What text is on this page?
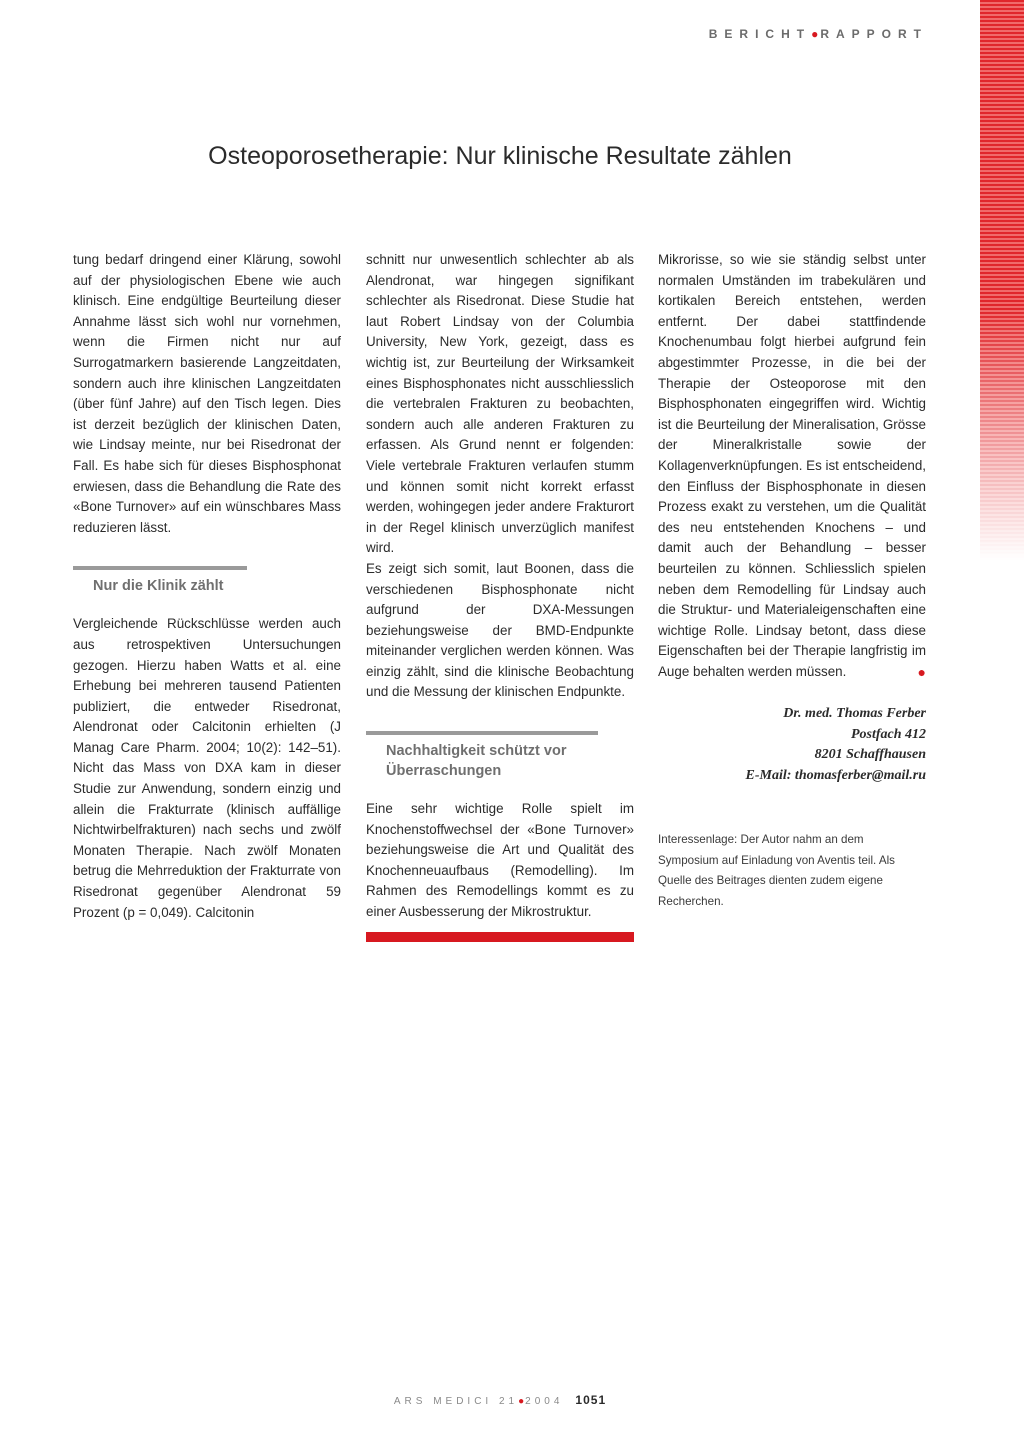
BERICHT●RAPPORT
Osteoporosetherapie: Nur klinische Resultate zählen

tung bedarf dringend einer Klärung, sowohl auf der physiologischen Ebene wie auch klinisch. Eine endgültige Beurteilung dieser Annahme lässt sich wohl nur vornehmen, wenn die Firmen nicht nur auf Surrogatmarkern basierende Langzeitdaten, sondern auch ihre klinischen Langzeitdaten (über fünf Jahre) auf den Tisch legen. Dies ist derzeit bezüglich der klinischen Daten, wie Lindsay meinte, nur bei Risedronat der Fall. Es habe sich für dieses Bisphosphonat erwiesen, dass die Behandlung die Rate des «Bone Turnover» auf ein wünschbares Mass reduzieren lässt.

Nur die Klinik zählt

Vergleichende Rückschlüsse werden auch aus retrospektiven Untersuchungen gezogen. Hierzu haben Watts et al. eine Erhebung bei mehreren tausend Patienten publiziert, die entweder Risedronat, Alendronat oder Calcitonin erhielten (J Manag Care Pharm. 2004; 10(2): 142–51). Nicht das Mass von DXA kam in dieser Studie zur Anwendung, sondern einzig und allein die Frakturrate (klinisch auffällige Nichtwirbelfrakturen) nach sechs und zwölf Monaten Therapie. Nach zwölf Monaten betrug die Mehrreduktion der Frakturrate von Risedronat gegenüber Alendronat 59 Prozent (p = 0,049). Calcitonin

schnitt nur unwesentlich schlechter ab als Alendronat, war hingegen signifikant schlechter als Risedronat. Diese Studie hat laut Robert Lindsay von der Columbia University, New York, gezeigt, dass es wichtig ist, zur Beurteilung der Wirksamkeit eines Bisphosphonates nicht ausschliesslich die vertebralen Frakturen zu beobachten, sondern auch alle anderen Frakturen zu erfassen. Als Grund nennt er folgenden: Viele vertebrale Frakturen verlaufen stumm und können somit nicht korrekt erfasst werden, wohingegen jeder andere Frakturort in der Regel klinisch unverzüglich manifest wird.

Es zeigt sich somit, laut Boonen, dass die verschiedenen Bisphosphonate nicht aufgrund der DXA-Messungen beziehungsweise der BMD-Endpunkte miteinander verglichen werden können. Was einzig zählt, sind die klinische Beobachtung und die Messung der klinischen Endpunkte.

Nachhaltigkeit schützt vor Überraschungen

Eine sehr wichtige Rolle spielt im Knochenstoffwechsel der «Bone Turnover» beziehungsweise die Art und Qualität des Knochenneuaufbaus (Remodelling). Im Rahmen des Remodellings kommt es zu einer Ausbesserung der Mikrostruktur.

Mikrorisse, so wie sie ständig selbst unter normalen Umständen im trabekulären und kortikalen Bereich entstehen, werden entfernt. Der dabei stattfindende Knochenumbau folgt hierbei aufgrund fein abgestimmter Prozesse, in die bei der Therapie der Osteoporose mit den Bisphosphonaten eingegriffen wird. Wichtig ist die Beurteilung der Mineralisation, Grösse der Mineralkristalle sowie der Kollagenverknüpfungen. Es ist entscheidend, den Einfluss der Bisphosphonate in diesen Prozess exakt zu verstehen, um die Qualität des neu entstehenden Knochens – und damit auch der Behandlung – besser beurteilen zu können. Schliesslich spielen neben dem Remodelling für Lindsay auch die Struktur- und Materialeigenschaften eine wichtige Rolle. Lindsay betont, dass diese Eigenschaften bei der Therapie langfristig im Auge behalten werden müssen.	●

Dr. med. Thomas Ferber
Postfach 412
8201 Schaffhausen
E-Mail: thomasferber@mail.ru
Interessenlage: Der Autor nahm an dem Symposium auf Einladung von Aventis teil. Als Quelle des Beitrages dienten zudem eigene Recherchen.
ARS MEDICI 21●2004 1051
